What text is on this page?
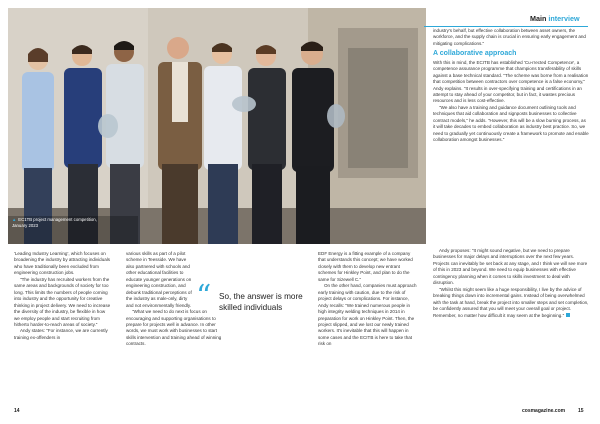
▲ EC1TB project management competition, January 2023
Main interview

'Leading Industry Learning', which focuses on broadening the industry by attracting individuals who have traditionally been excluded from engineering construction jobs.

"The industry has recruited workers from the same areas and backgrounds of society for too long. This limits the numbers of people coming into industry and the opportunity for creative thinking in project delivery. We need to increase the diversity of the industry, be flexible in how we employ people and start recruiting from hitherto harder-to-reach areas of society."

Andy states: "For instance, we are currently training ex-offenders in

various skills as part of a pilot scheme in Teesside. We have also partnered with schools and other educational facilities to educate younger generations on engineering construction, and debunk traditional perceptions of the industry as male-only, dirty and not environmentally friendly.

"What we need to do next is focus on encouraging and supporting organisations to prepare for projects well in advance. In other words, we must work with businesses to start skills intervention and training ahead of winning contracts.

“ So, the answer is more skilled individuals

EDF Energy is a fitting example of a company that understands this concept; we have worked closely with them to develop new entrant schemes for Hinkley Point, and plan to do the same for Sizewell C."

On the other hand, companies must approach early training with caution, due to the risk of project delays or complications. For instance, Andy recalls: "We trained numerous people in high integrity welding techniques in 2014 in preparation for work on Hinkley Point. Then, the project slipped, and we lost our newly trained workers. It's inevitable that this will happen in some cases and the ECITB is here to take that risk on

industry's behalf, but effective collaboration between asset owners, the workforce, and the supply chain is crucial in ensuring early engagement and mitigating complications."

A collaborative approach

With this in mind, the ECITB has established 'Cu-rrected Competence', a competence assurance programme that champions transferability of skills against a base technical standard. "The scheme was borne from a realisation that competition between contractors over competence is a false economy," Andy explains. "It results in over-specifying training and certifications in an attempt to stay ahead of your competitor, but in fact, it wastes precious resources and is less cost-effective.

"We also have a training and guidance document outlining tools and techniques that aid collaboration and signposts businesses to collective contract models," he adds. "However, this will be a slow burning process, as it will take decades to embed collaboration as industry best practice. So, we need to gradually yet continuously create a framework to promote and enable collaboration amongst businesses."

Andy proposes: "It might sound negative, but we need to prepare businesses for major delays and interruptions over the next few years. Projects can inevitably be set back at any stage, and I think we will see more of this in 2023 and beyond. We need to equip businesses with effective contingency planning when it comes to skills investment to deal with disruption.

"Whilst this might seem like a huge responsibility, I live by the advice of breaking things down into incremental gains. Instead of being overwhelmed with the task at hand, break the project into smaller steps and set completion, be confidently assured that you will meet your overall goal or project. Remember, no matter how difficult it may seem at the beginning."

14	cosmagazine.com	15
